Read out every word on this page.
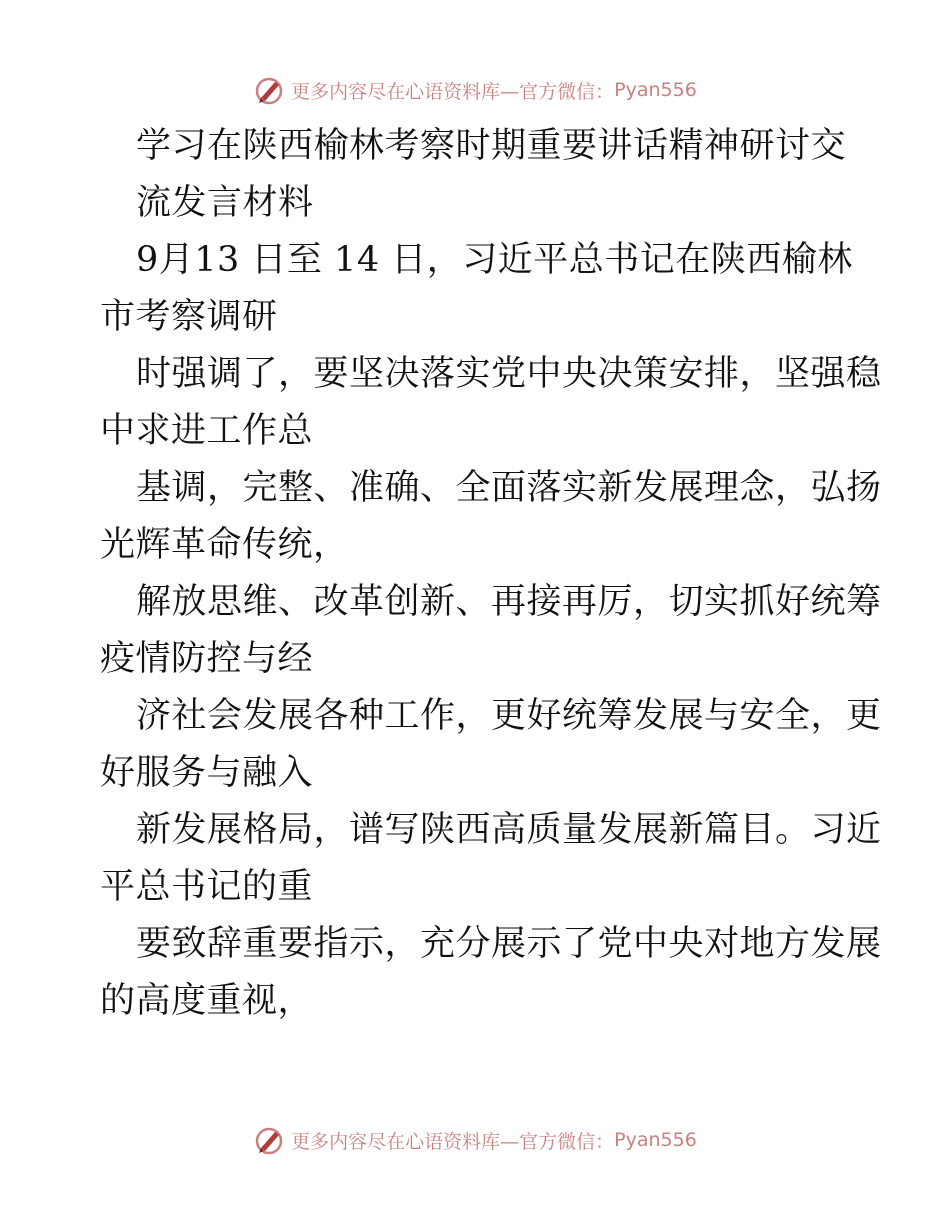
更多内容尽在心语资料库—官方微信： Pyan556
学习在陕西榆林考察时期重要讲话精神研讨交
流发言材料
9月13 日至 14 日，习近平总书记在陕西榆林
市考察调研
时强调了，要坚决落实党中央决策安排，坚强稳
中求进工作总
基调，完整、准确、全面落实新发展理念，弘扬
光辉革命传统，
解放思维、改革创新、再接再厉，切实抓好统筹
疫情防控与经
济社会发展各种工作，更好统筹发展与安全，更
好服务与融入
新发展格局，谱写陕西高质量发展新篇目。习近
平总书记的重
要致辞重要指示，充分展示了党中央对地方发展
的高度重视，
更多内容尽在心语资料库—官方微信： Pyan556
